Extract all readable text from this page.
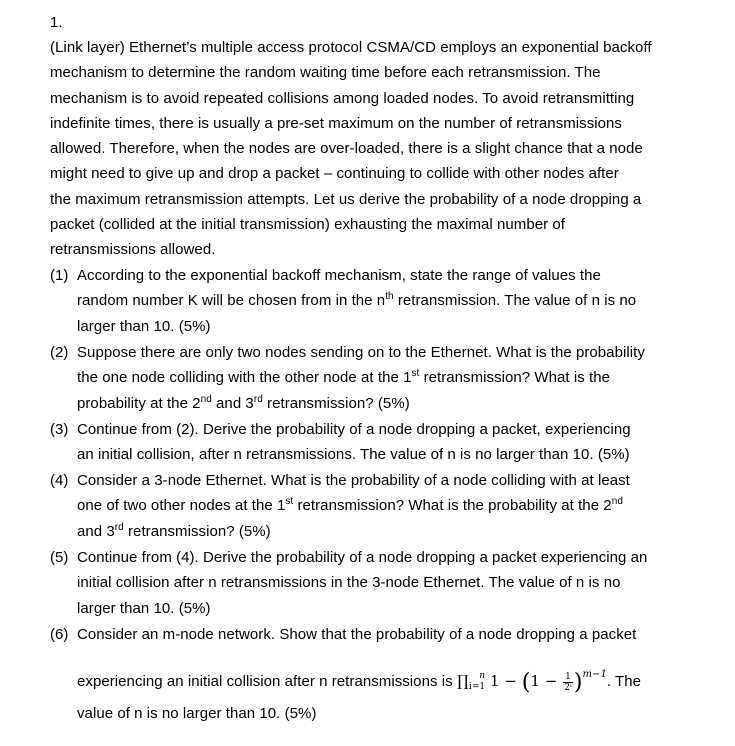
1.
(Link layer) Ethernet’s multiple access protocol CSMA/CD employs an exponential backoff
mechanism to determine the random waiting time before each retransmission. The
mechanism is to avoid repeated collisions among loaded nodes. To avoid retransmitting
indefinite times, there is usually a pre-set maximum on the number of retransmissions
allowed. Therefore, when the nodes are over-loaded, there is a slight chance that a node
might need to give up and drop a packet – continuing to collide with other nodes after
the maximum retransmission attempts. Let us derive the probability of a node dropping a
packet (collided at the initial transmission) exhausting the maximal number of
retransmissions allowed.
(1) According to the exponential backoff mechanism, state the range of values the
random number K will be chosen from in the $n^{th}$ retransmission. The value of n is no
larger than 10. (5%)
(2) Suppose there are only two nodes sending on to the Ethernet. What is the probability
the one node colliding with the other node at the 1st retransmission? What is the
probability at the 2nd and 3rd retransmission? (5%)
(3) Continue from (2). Derive the probability of a node dropping a packet, experiencing
an initial collision, after n retransmissions. The value of n is no larger than 10. (5%)
(4) Consider a 3-node Ethernet. What is the probability of a node colliding with at least
one of two other nodes at the 1st retransmission? What is the probability at the 2nd
and 3rd retransmission? (5%)
(5) Continue from (4). Derive the probability of a node dropping a packet experiencing an
initial collision after n retransmissions in the 3-node Ethernet. The value of n is no
larger than 10. (5%)
(6) Consider an m-node network. Show that the probability of a node dropping a packet
experiencing an initial collision after n retransmissions is $\prod_{i=1}^n$ $1 - (1 - \frac{1}{\text{2ⁱ}} )^{m-1}$. The
value of n is no larger than 10. (5%)
